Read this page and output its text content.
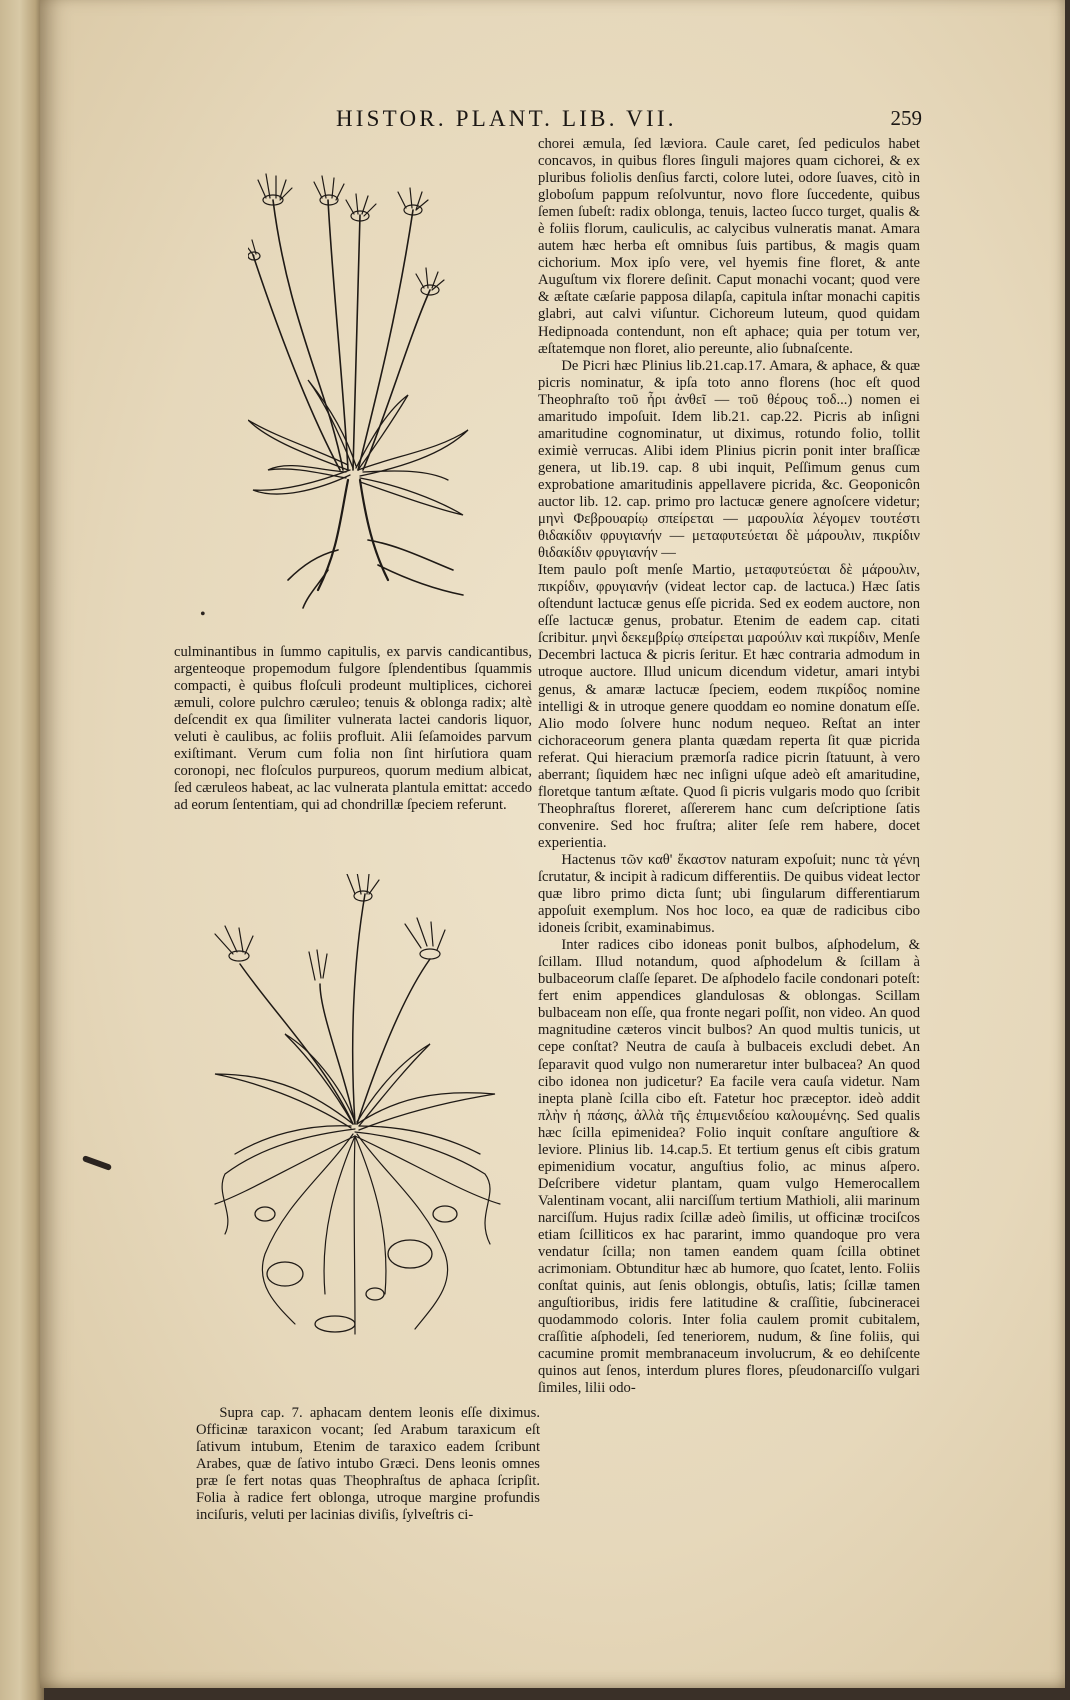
HISTOR. PLANT. LIB. VII.	259
•

culminantibus in ſummo capitulis, ex parvis candicantibus, argenteoque propemodum fulgore ſplendentibus ſquammis compacti, è quibus floſculi prodeunt multiplices, cichorei æmuli, colore pulchro cæruleo; tenuis & oblonga radix; altè deſcendit ex qua ſimiliter vulnerata lactei candoris liquor, veluti è caulibus, ac foliis profluit. Alii ſeſamoides parvum exiſtimant. Verum cum folia non ſint hirſutiora quam coronopi, nec floſculos purpureos, quorum medium albicat, ſed cæruleos habeat, ac lac vulnerata plantula emittat: accedo ad eorum ſententiam, qui ad chondrillæ ſpeciem referunt.

Supra cap. 7. aphacam dentem leonis eſſe diximus. Officinæ taraxicon vocant; ſed Arabum taraxicum eſt ſativum intubum, Etenim de taraxico eadem ſcribunt Arabes, quæ de ſativo intubo Græci. Dens leonis omnes præ ſe fert notas quas Theophraſtus de aphaca ſcripſit. Folia à radice fert oblonga, utroque margine profundis inciſuris, veluti per lacinias diviſis, ſylveſtris ci-

chorei æmula, ſed læviora. Caule caret, ſed pediculos habet concavos, in quibus flores ſinguli majores quam cichorei, & ex pluribus foliolis denſius farcti, colore lutei, odore ſuaves, citò in globoſum pappum reſolvuntur, novo flore ſuccedente, quibus ſemen ſubeſt: radix oblonga, tenuis, lacteo ſucco turget, qualis & è foliis florum, cauliculis, ac calycibus vulneratis manat. Amara autem hæc herba eſt omnibus ſuis partibus, & magis quam cichorium. Mox ipſo vere, vel hyemis fine floret, & ante Auguſtum vix florere deſinit. Caput monachi vocant; quod vere & æſtate cæſarie papposa dilapſa, capitula inſtar monachi capitis glabri, aut calvi viſuntur. Cichoreum luteum, quod quidam Hedipnoada contendunt, non eſt aphace; quia per totum ver, æſtatemque non floret, alio pereunte, alio ſubnaſcente.

De Picri hæc Plinius lib.21.cap.17. Amara, & aphace, & quæ picris nominatur, & ipſa toto anno florens (hoc eſt quod Theophraſto τοῦ ἦρι ἀνθεῖ — τοῦ θέρους τοδ...) nomen ei amaritudo impoſuit. Idem lib.21. cap.22. Picris ab inſigni amaritudine cognominatur, ut diximus, rotundo folio, tollit eximiè verrucas. Alibi idem Plinius picrin ponit inter braſſicæ genera, ut lib.19. cap. 8 ubi inquit, Peſſimum genus cum exprobatione amaritudinis appellavere picrida, &c. Geoponicôn auctor lib. 12. cap. primo pro lactucæ genere agnoſcere videtur; μηνὶ Φεβρουαρίῳ σπείρεται — μαρουλία λέγομεν τουτέστι θιδακίδιν φρυγιανήν — μεταφυτεύεται δὲ μάρουλιν, πικρίδιν θιδακίδιν φρυγιανήν —

Item paulo poſt menſe Martio, μεταφυτεύεται δὲ μάρουλιν, πικρίδιν, φρυγιανήν (videat lector cap. de lactuca.) Hæc ſatis oſtendunt lactucæ genus eſſe picrida. Sed ex eodem auctore, non eſſe lactucæ genus, probatur. Etenim de eadem cap. citati ſcribitur. μηνὶ δεκεμβρίῳ σπείρεται μαρούλιν καὶ πικρίδιν, Menſe Decembri lactuca & picris ſeritur. Et hæc contraria admodum in utroque auctore. Illud unicum dicendum videtur, amari intybi genus, & amaræ lactucæ ſpeciem, eodem πικρίδος nomine intelligi & in utroque genere quoddam eo nomine donatum eſſe. Alio modo ſolvere hunc nodum nequeo. Reſtat an inter cichoraceorum genera planta quædam reperta ſit quæ picrida referat. Qui hieracium præmorſa radice picrin ſtatuunt, à vero aberrant; ſiquidem hæc nec inſigni uſque adeò eſt amaritudine, floretque tantum æſtate. Quod ſi picris vulgaris modo quo ſcribit Theophraſtus floreret, aſſererem hanc cum deſcriptione ſatis convenire. Sed hoc fruſtra; aliter ſeſe rem habere, docet experientia.

Hactenus τῶν καθ' ἕκαστον naturam expoſuit; nunc τὰ γένη ſcrutatur, & incipit à radicum differentiis. De quibus videat lector quæ libro primo dicta ſunt; ubi ſingularum differentiarum appoſuit exemplum. Nos hoc loco, ea quæ de radicibus cibo idoneis ſcribit, examinabimus.

Inter radices cibo idoneas ponit bulbos, aſphodelum, & ſcillam. Illud notandum, quod aſphodelum & ſcillam à bulbaceorum claſſe ſeparet. De aſphodelo facile condonari poteſt: fert enim appendices glandulosas & oblongas. Scillam bulbaceam non eſſe, qua fronte negari poſſit, non video. An quod magnitudine cæteros vincit bulbos? An quod multis tunicis, ut cepe conſtat? Neutra de cauſa à bulbaceis excludi debet. An ſeparavit quod vulgo non numeraretur inter bulbacea? An quod cibo idonea non judicetur? Ea facile vera cauſa videtur. Nam inepta planè ſcilla cibo eſt. Fatetur hoc præceptor. ideò addit πλὴν ἡ πάσης, ἀλλὰ τῆς ἐπιμενιδείου καλουμένης. Sed qualis hæc ſcilla epimenidea? Folio inquit conſtare anguſtiore & leviore. Plinius lib. 14.cap.5. Et tertium genus eſt cibis gratum epimenidium vocatur, anguſtius folio, ac minus aſpero. Deſcribere videtur plantam, quam vulgo Hemerocallem Valentinam vocant, alii narciſſum tertium Mathioli, alii marinum narciſſum. Hujus radix ſcillæ adeò ſimilis, ut officinæ trociſcos etiam ſcilliticos ex hac pararint, immo quandoque pro vera vendatur ſcilla; non tamen eandem quam ſcilla obtinet acrimoniam. Obtunditur hæc ab humore, quo ſcatet, lento. Foliis conſtat quinis, aut ſenis oblongis, obtuſis, latis; ſcillæ tamen anguſtioribus, iridis fere latitudine & craſſitie, ſubcineracei quodammodo coloris. Inter folia caulem promit cubitalem, craſſitie aſphodeli, ſed teneriorem, nudum, & ſine foliis, qui cacumine promit membranaceum involucrum, & eo dehiſcente quinos aut ſenos, interdum plures flores, pſeudonarciſſo vulgari ſimiles, lilii odo-
